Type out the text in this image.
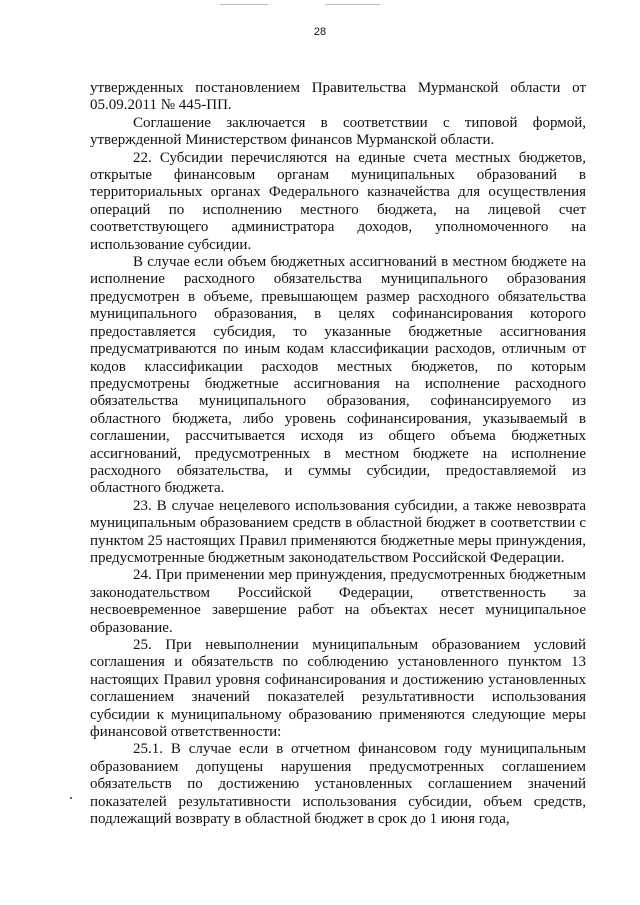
28

утвержденных постановлением Правительства Мурманской области от 05.09.2011 № 445-ПП.

Соглашение заключается в соответствии с типовой формой, утвержденной Министерством финансов Мурманской области.

22. Субсидии перечисляются на единые счета местных бюджетов, открытые финансовым органам муниципальных образований в территориальных органах Федерального казначейства для осуществления операций по исполнению местного бюджета, на лицевой счет соответствующего администратора доходов, уполномоченного на использование субсидии.

В случае если объем бюджетных ассигнований в местном бюджете на исполнение расходного обязательства муниципального образования предусмотрен в объеме, превышающем размер расходного обязательства муниципального образования, в целях софинансирования которого предоставляется субсидия, то указанные бюджетные ассигнования предусматриваются по иным кодам классификации расходов, отличным от кодов классификации расходов местных бюджетов, по которым предусмотрены бюджетные ассигнования на исполнение расходного обязательства муниципального образования, софинансируемого из областного бюджета, либо уровень софинансирования, указываемый в соглашении, рассчитывается исходя из общего объема бюджетных ассигнований, предусмотренных в местном бюджете на исполнение расходного обязательства, и суммы субсидии, предоставляемой из областного бюджета.

23. В случае нецелевого использования субсидии, а также невозврата муниципальным образованием средств в областной бюджет в соответствии с пунктом 25 настоящих Правил применяются бюджетные меры принуждения, предусмотренные бюджетным законодательством Российской Федерации.

24. При применении мер принуждения, предусмотренных бюджетным законодательством Российской Федерации, ответственность за несвоевременное завершение работ на объектах несет муниципальное образование.

25. При невыполнении муниципальным образованием условий соглашения и обязательств по соблюдению установленного пунктом 13 настоящих Правил уровня софинансирования и достижению установленных соглашением значений показателей результативности использования субсидии к муниципальному образованию применяются следующие меры финансовой ответственности:

25.1. В случае если в отчетном финансовом году муниципальным образованием допущены нарушения предусмотренных соглашением обязательств по достижению установленных соглашением значений показателей результативности использования субсидии, объем средств, подлежащий возврату в областной бюджет в срок до 1 июня года,
